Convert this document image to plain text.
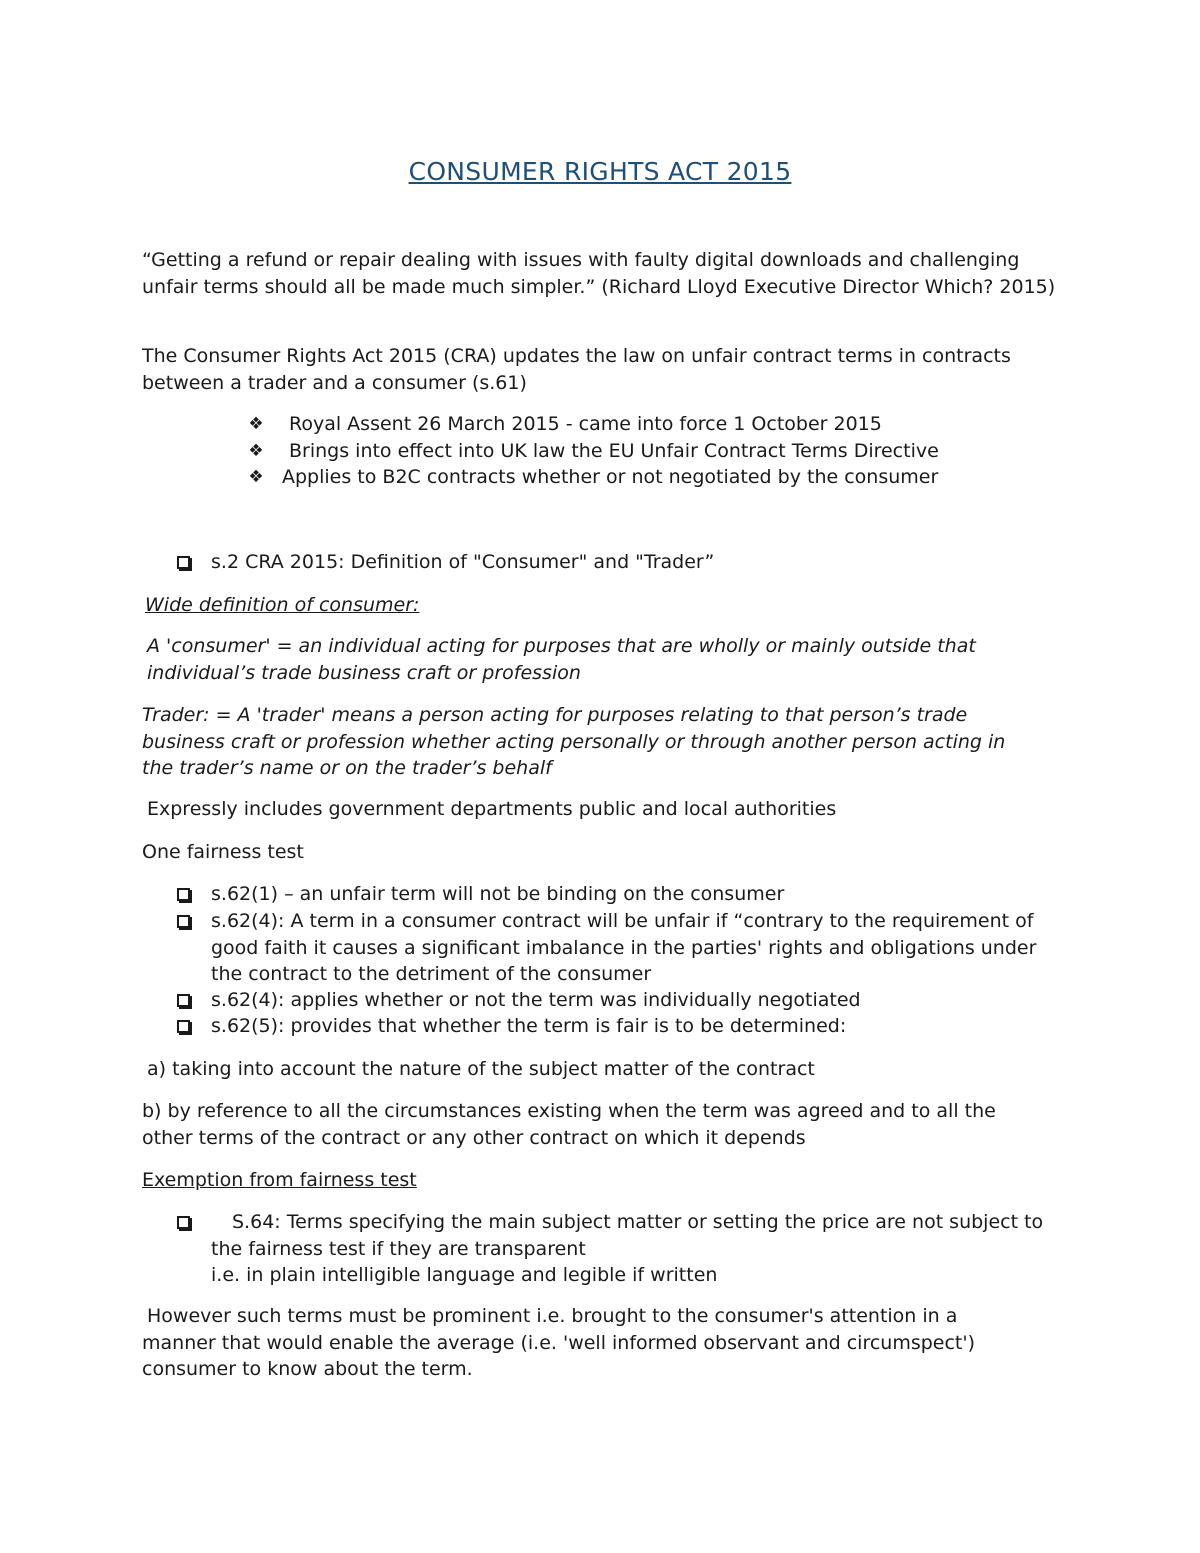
CONSUMER RIGHTS ACT 2015

“Getting a refund or repair dealing with issues with faulty digital downloads and challenging unfair terms should all be made much simpler.” (Richard Lloyd Executive Director Which? 2015)

The Consumer Rights Act 2015 (CRA) updates the law on unfair contract terms in contracts between a trader and a consumer (s.61)

❖ Royal Assent 26 March 2015 - came into force 1 October 2015
❖ Brings into effect into UK law the EU Unfair Contract Terms Directive
❖ Applies to B2C contracts whether or not negotiated by the consumer
s.2 CRA 2015: Definition of "Consumer" and "Trader”

Wide definition of consumer:

A 'consumer' = an individual acting for purposes that are wholly or mainly outside that individual’s trade business craft or profession

Trader: = A 'trader' means a person acting for purposes relating to that person’s trade business craft or profession whether acting personally or through another person acting in the trader’s name or on the trader’s behalf

Expressly includes government departments public and local authorities

One fairness test

s.62(1) – an unfair term will not be binding on the consumer
s.62(4): A term in a consumer contract will be unfair if “contrary to the requirement of good faith it causes a significant imbalance in the parties' rights and obligations under the contract to the detriment of the consumer
s.62(4): applies whether or not the term was individually negotiated
s.62(5): provides that whether the term is fair is to be determined:

a) taking into account the nature of the subject matter of the contract

b) by reference to all the circumstances existing when the term was agreed and to all the other terms of the contract or any other contract on which it depends

Exemption from fairness test

S.64: Terms specifying the main subject matter or setting the price are not subject to the fairness test if they are transparent
i.e. in plain intelligible language and legible if written

However such terms must be prominent i.e. brought to the consumer's attention in a manner that would enable the average (i.e. 'well informed observant and circumspect') consumer to know about the term.
